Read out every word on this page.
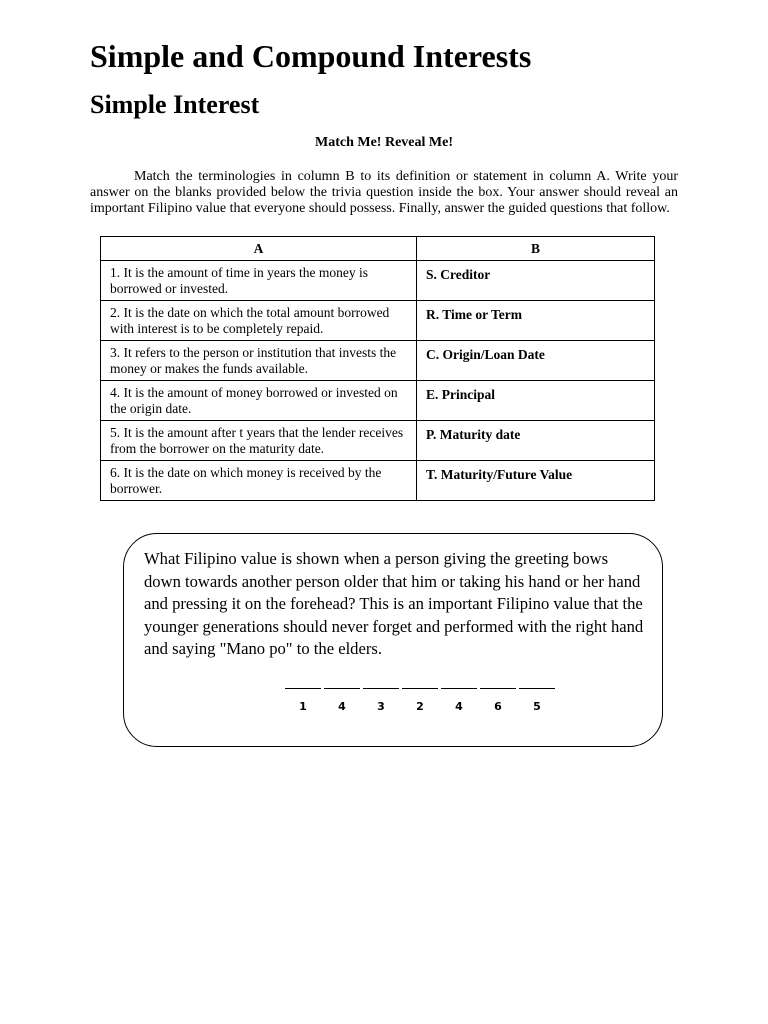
Simple and Compound Interests
Simple Interest
Match Me! Reveal Me!

Match the terminologies in column B to its definition or statement in column A. Write your answer on the blanks provided below the trivia question inside the box. Your answer should reveal an important Filipino value that everyone should possess. Finally, answer the guided questions that follow.

A	B
1. It is the amount of time in years the money is borrowed or invested.	S. Creditor
2. It is the date on which the total amount borrowed with interest is to be completely repaid.	R. Time or Term
3. It refers to the person or institution that invests the money or makes the funds available.	C. Origin/Loan Date
4. It is the amount of money borrowed or invested on the origin date.	E. Principal
5. It is the amount after t years that the lender receives from the borrower on the maturity date.	P. Maturity date
6. It is the date on which money is received by the borrower.	T. Maturity/Future Value

What Filipino value is shown when a person giving the greeting bows down towards another person older that him or taking his hand or her hand and pressing it on the forehead? This is an important Filipino value that the younger generations should never forget and performed with the right hand and saying "Mano po" to the elders.

1	4	3	2	4	6	5
